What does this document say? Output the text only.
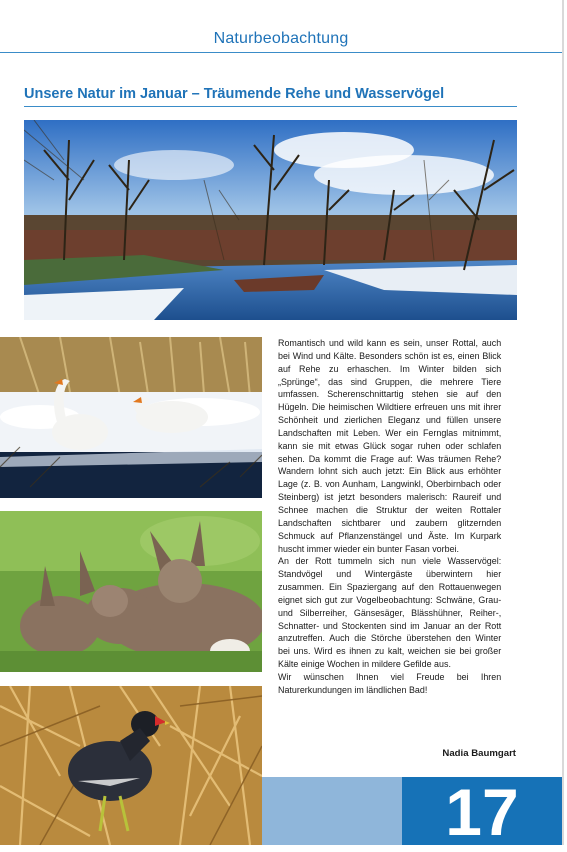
Naturbeobachtung
Unsere Natur im Januar – Träumende Rehe und Wasservögel

Romantisch und wild kann es sein, unser Rottal, auch bei Wind und Kälte. Besonders schön ist es, einen Blick auf Rehe zu erhaschen. Im Winter bilden sich „Sprünge“, das sind Gruppen, die mehrere Tiere umfassen. Scherenschnittartig stehen sie auf den Hügeln. Die heimischen Wildtiere erfreuen uns mit ihrer Schönheit und zierlichen Eleganz und füllen unsere Landschaften mit Leben. Wer ein Fernglas mitnimmt, kann sie mit etwas Glück sogar ruhen oder schlafen sehen. Da kommt die Frage auf: Was träumen Rehe? Wandern lohnt sich auch jetzt: Ein Blick aus erhöhter Lage (z. B. von Aunham, Langwinkl, Oberbirnbach oder Steinberg) ist jetzt besonders malerisch: Raureif und Schnee machen die Struktur der weiten Rottaler Landschaften sichtbarer und zaubern glitzernden Schmuck auf Pflanzenstängel und Äste. Im Kurpark huscht immer wieder ein bunter Fasan vorbei.

An der Rott tummeln sich nun viele Wasservögel: Standvögel und Wintergäste überwintern hier zusammen. Ein Spaziergang auf den Rottauenwegen eignet sich gut zur Vogelbeobachtung: Schwäne, Grau- und Silberreiher, Gänsesäger, Blässhühner, Reiher-, Schnatter- und Stockenten sind im Januar an der Rott anzutreffen. Auch die Störche überstehen den Winter bei uns. Wird es ihnen zu kalt, weichen sie bei großer Kälte einige Wochen in mildere Gefilde aus.

Wir wünschen Ihnen viel Freude bei Ihren Naturerkundungen im ländlichen Bad!

Nadia Baumgart
17
